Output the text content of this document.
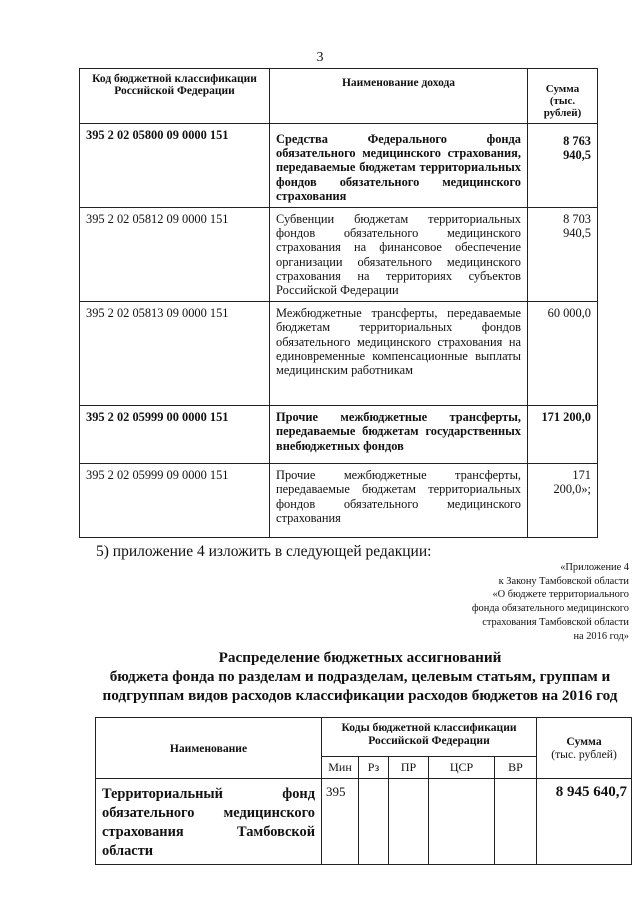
3
Код бюджетной классификации Российской Федерации	Наименование дохода	Сумма
(тыс. рублей)
395 2 02 05800 09 0000 151	Средства Федерального фонда обязательного медицинского страхования, передаваемые бюджетам территориальных фондов обязательного медицинского страхования	8 763 940,5
395 2 02 05812 09 0000 151	Субвенции бюджетам территориальных фондов обязательного медицинского страхования на финансовое обеспечение организации обязательного медицинского страхования на территориях субъектов Российской Федерации	8 703 940,5
395 2 02 05813 09 0000 151	Межбюджетные трансферты, передаваемые бюджетам территориальных фондов обязательного медицинского страхования на единовременные компенсационные выплаты медицинским работникам	60 000,0
395 2 02 05999 00 0000 151	Прочие межбюджетные трансферты, передаваемые бюджетам государственных внебюджетных фондов	171 200,0
395 2 02 05999 09 0000 151	Прочие межбюджетные трансферты, передаваемые бюджетам территориальных фондов обязательного медицинского страхования	171 200,0»;
5) приложение 4 изложить в следующей редакции:
«Приложение 4
к Закону Тамбовской области
«О бюджете территориального
фонда обязательного медицинского
страхования Тамбовской области
на 2016 год»
Распределение бюджетных ассигнований
бюджета фонда по разделам и подразделам, целевым статьям, группам и
подгруппам видов расходов классификации расходов бюджетов на 2016 год
Наименование	Коды бюджетной классификации Российской Федерации					Сумма
(тыс. рублей)
	Мин	Рз	ПР	ЦСР	ВР	
Территориальный фонд обязательного медицинского страхования Тамбовской области	395					8 945 640,7
